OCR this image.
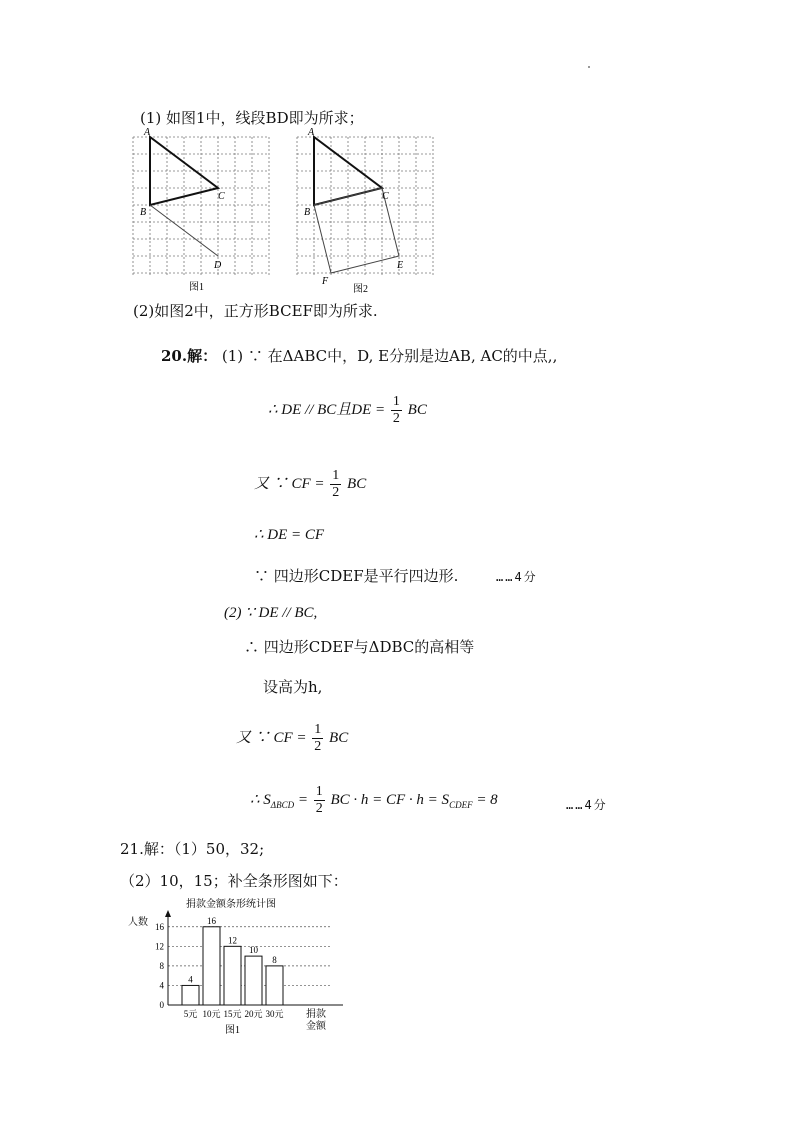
(1) 如图1中，线段BD即为所求；
A
B
C
D
图1
A
B
C
E
F
图2
(2)如图2中，正方形BCEF即为所求.
20.解： (1) ∵ 在ΔABC中，D, E分别是边AB, AC的中点,,
∴ DE // BC且DE = $\frac{1}{2}$ BC
又 ∵ CF = $\frac{1}{2}$ BC
∴ DE = CF
∵ 四边形CDEF是平行四边形.	……4分
(2) ∵ DE // BC,
∴ 四边形CDEF与ΔDBC的高相等
设高为h,
又 ∵ CF = $\frac{1}{2}$ BC
∴ $S_{\Delta BCD} = \frac{1}{2}$ BC · h = CF · $h = S_{CDEF} = 8$	……4分
21.解：（1）50，32;
（2）10，15；补全条形图如下：
捐款金额条形统计图
人数
捐款
金额
图1
0
4
8
12
16
4
5元
16
10元
12
15元
10
20元
8
30元
